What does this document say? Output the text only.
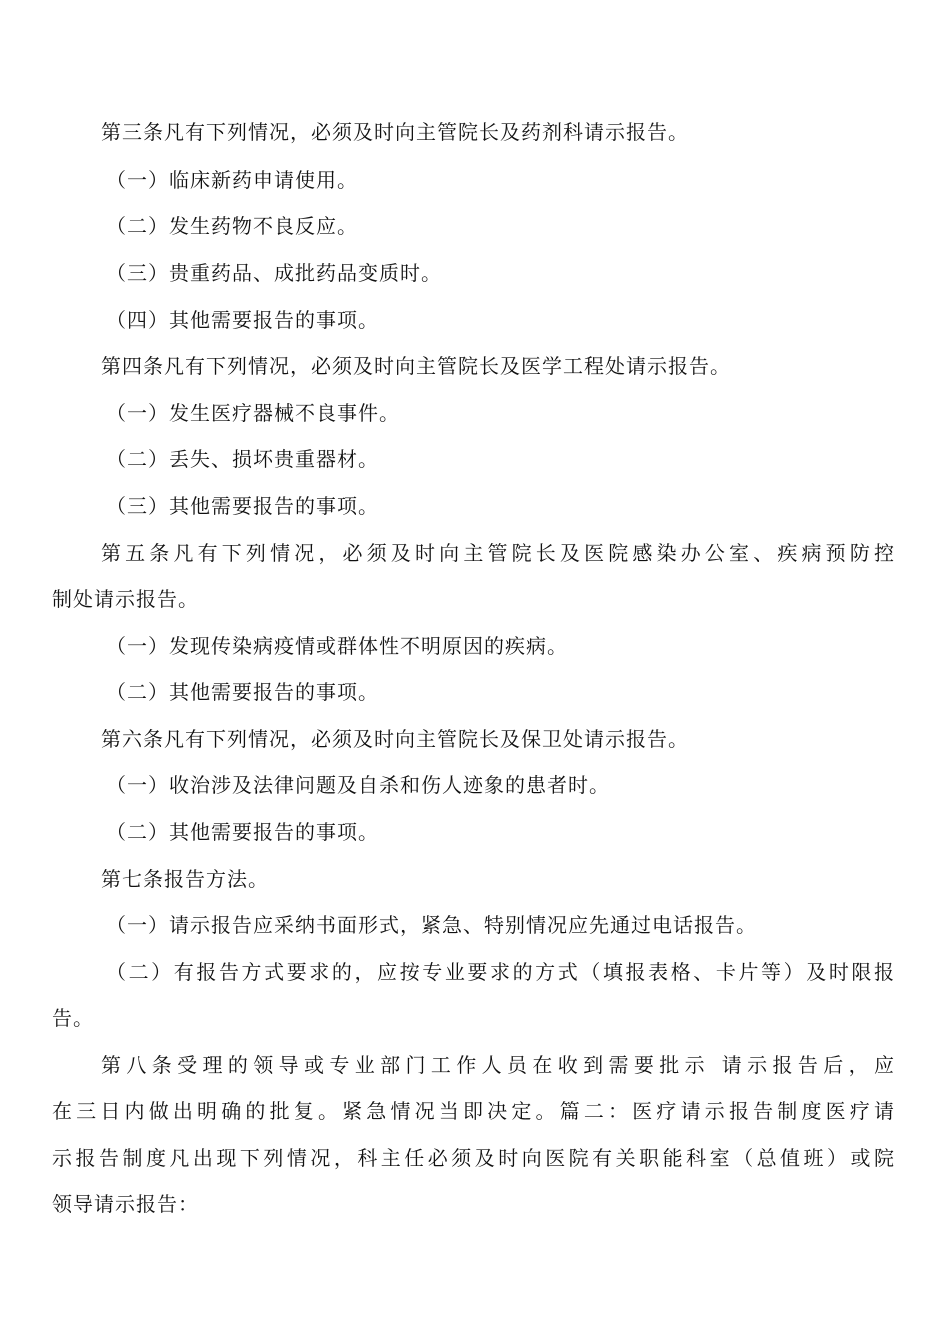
第三条凡有下列情况，必须及时向主管院长及药剂科请示报告。
（一）临床新药申请使用。
（二）发生药物不良反应。
（三）贵重药品、成批药品变质时。
（四）其他需要报告的事项。
第四条凡有下列情况，必须及时向主管院长及医学工程处请示报告。
（一）发生医疗器械不良事件。
（二）丢失、损坏贵重器材。
（三）其他需要报告的事项。
第五条凡有下列情况，必须及时向主管院长及医院感染办公室、疾病预防控
制处请示报告。
（一）发现传染病疫情或群体性不明原因的疾病。
（二）其他需要报告的事项。
第六条凡有下列情况，必须及时向主管院长及保卫处请示报告。
（一）收治涉及法律问题及自杀和伤人迹象的患者时。
（二）其他需要报告的事项。
第七条报告方法。
（一）请示报告应采纳书面形式，紧急、特别情况应先通过电话报告。
（二）有报告方式要求的，应按专业要求的方式（填报表格、卡片等）及时限报
告。
第八条受理的领导或专业部门工作人员在收到需要批示 请示报告后，应
在三日内做出明确的批复。紧急情况当即决定。篇二：医疗请示报告制度医疗请
示报告制度凡出现下列情况，科主任必须及时向医院有关职能科室（总值班）或院
领导请示报告：
